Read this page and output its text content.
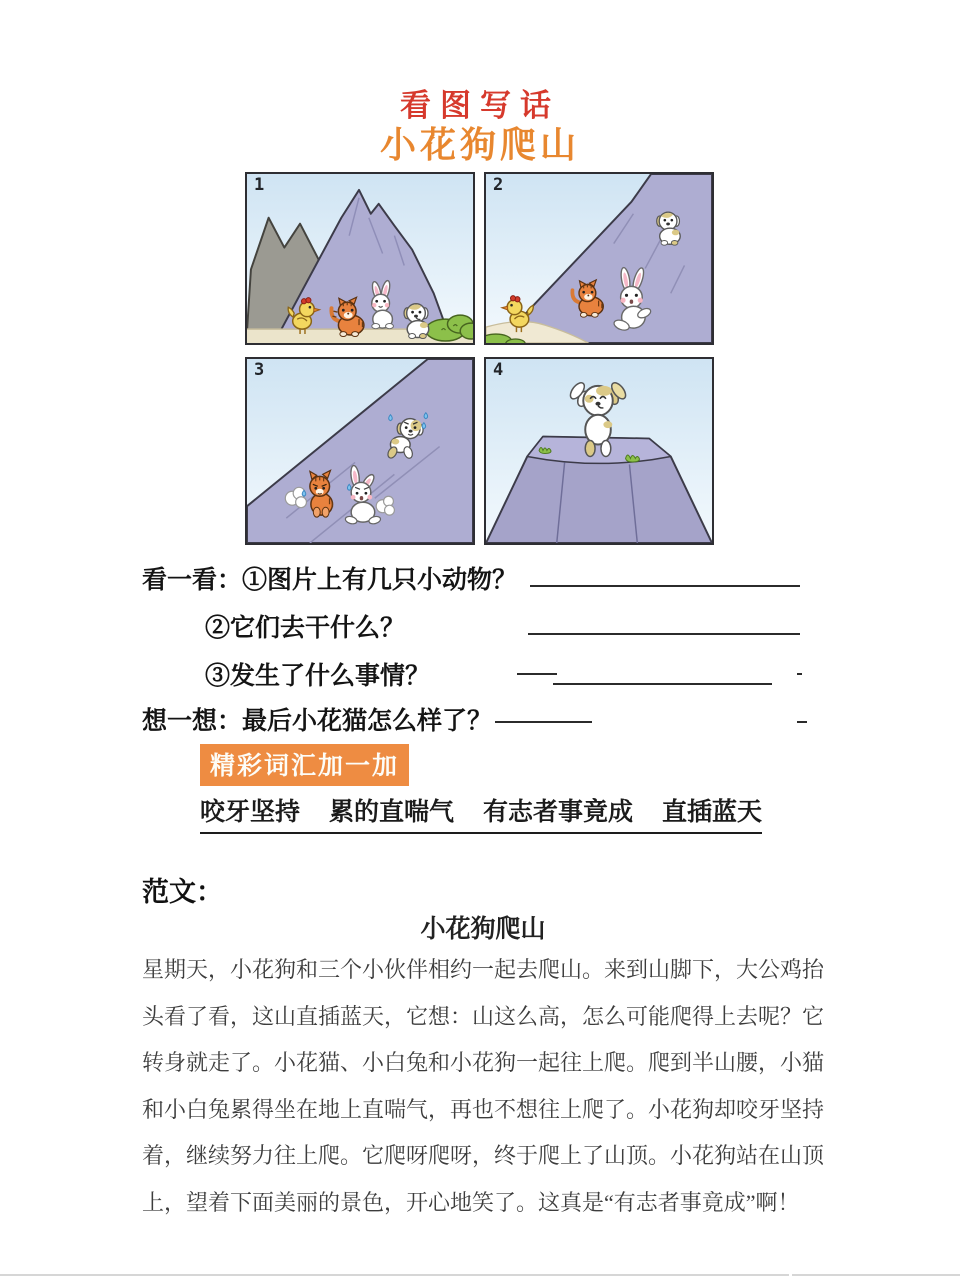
看图写话
小花狗爬山
1	2
3	4
看一看：①图片上有几只小动物？
②它们去干什么？
③发生了什么事情？
想一想：最后小花猫怎么样了？
精彩词汇加一加
咬牙坚持 累的直喘气 有志者事竟成 直插蓝天
范文：
小花狗爬山
星期天，小花狗和三个小伙伴相约一起去爬山。来到山脚下，大公鸡抬
头看了看，这山直插蓝天，它想：山这么高，怎么可能爬得上去呢？它
转身就走了。小花猫、小白兔和小花狗一起往上爬。爬到半山腰，小猫
和小白兔累得坐在地上直喘气，再也不想往上爬了。小花狗却咬牙坚持
着，继续努力往上爬。它爬呀爬呀，终于爬上了山顶。小花狗站在山顶
上，望着下面美丽的景色，开心地笑了。这真是“有志者事竟成”啊！
